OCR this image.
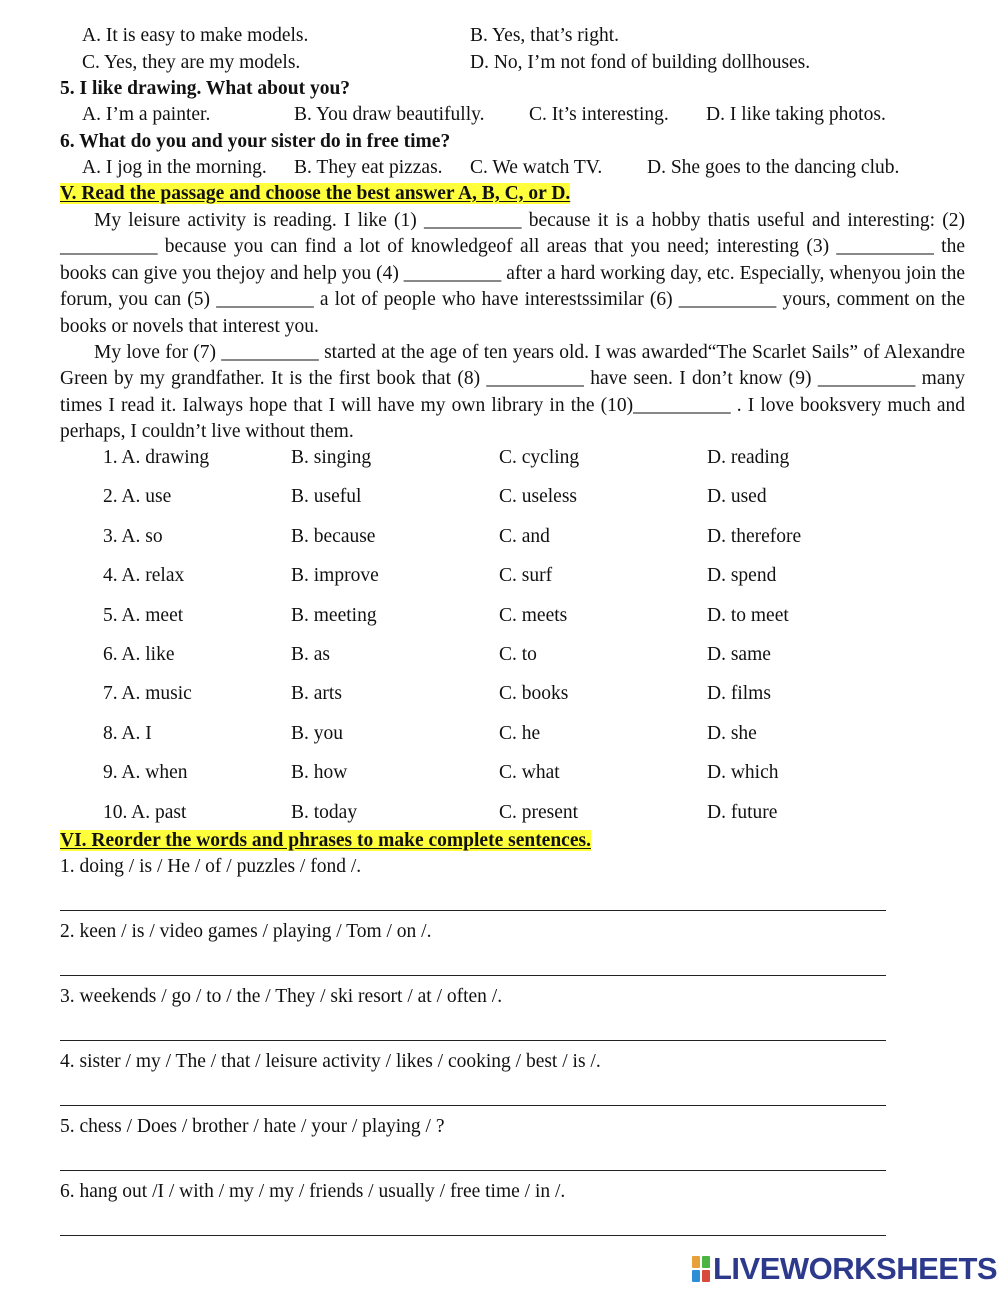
A. It is easy to make models.	B. Yes, that’s right.
C. Yes, they are my models.	D. No, I’m not fond of building dollhouses.
5. I like drawing. What about you?
A. I’m a painter.	B. You draw beautifully. C. It’s interesting. D. I like taking photos.
6. What do you and your sister do in free time?
A. I jog in the morning. B. They eat pizzas. C. We watch TV. D. She goes to the dancing club.
V. Read the passage and choose the best answer A, B, C, or D.

My leisure activity is reading. I like (1) __________ because it is a hobby thatis useful and interesting: (2) __________ because you can find a lot of knowledgeof all areas that you need; interesting (3) __________ the books can give you thejoy and help you (4) __________ after a hard working day, etc. Especially, whenyou join the forum, you can (5) __________ a lot of people who have interestssimilar (6) __________ yours, comment on the books or novels that interest you.

My love for (7) __________ started at the age of ten years old. I was awarded“The Scarlet Sails” of Alexandre Green by my grandfather. It is the first book that (8) __________ have seen. I don’t know (9) __________ many times I read it. Ialways hope that I will have my own library in the (10)__________ . I love booksvery much and perhaps, I couldn’t live without them.

1. A. drawing	B. singing	C. cycling	D. reading
2. A. use	B. useful	C. useless	D. used
3. A. so	B. because	C. and	D. therefore
4. A. relax	B. improve	C. surf	D. spend
5. A. meet	B. meeting	C. meets	D. to meet
6. A. like	B. as	C. to	D. same
7. A. music	B. arts	C. books	D. films
8. A. I	B. you	C. he	D. she
9. A. when	B. how	C. what	D. which
10. A. past	B. today	C. present	D. future
VI. Reorder the words and phrases to make complete sentences.
1. doing / is / He / of / puzzles / fond /.
2. keen / is / video games / playing / Tom / on /.
3. weekends / go / to / the / They / ski resort / at / often /.
4. sister / my / The / that / leisure activity / likes / cooking / best / is /.
5. chess / Does / brother / hate / your / playing / ?
6. hang out /I / with / my / my / friends / usually / free time / in /.
LIVEWORKSHEETS
